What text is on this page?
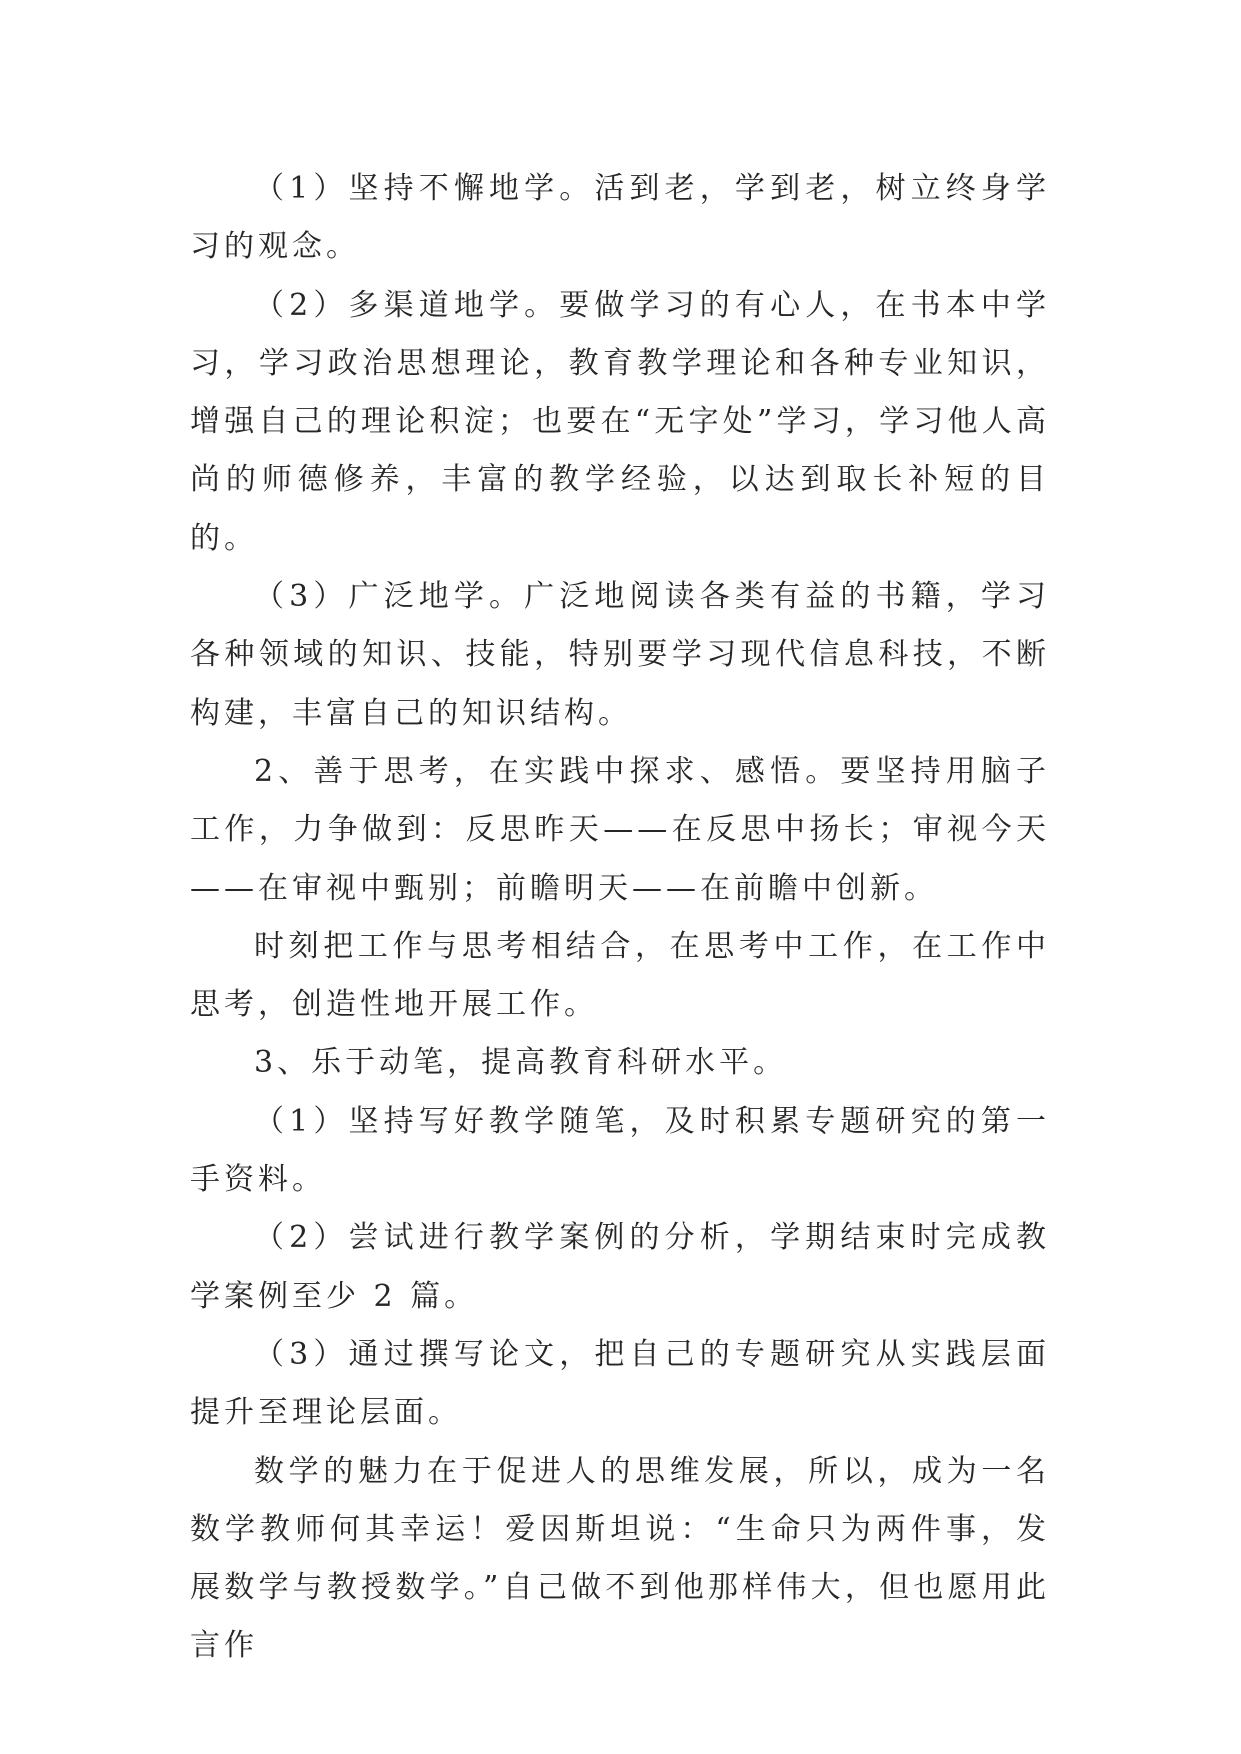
（1）坚持不懈地学。活到老，学到老，树立终身学习的观念。

（2）多渠道地学。要做学习的有心人，在书本中学习，学习政治思想理论，教育教学理论和各种专业知识，增强自己的理论积淀；也要在“无字处”学习，学习他人高尚的师德修养，丰富的教学经验，以达到取长补短的目的。

（3）广泛地学。广泛地阅读各类有益的书籍，学习各种领域的知识、技能，特别要学习现代信息科技，不断构建，丰富自己的知识结构。

2、善于思考，在实践中探求、感悟。要坚持用脑子工作，力争做到：反思昨天——在反思中扬长；审视今天——在审视中甄别；前瞻明天——在前瞻中创新。

时刻把工作与思考相结合，在思考中工作，在工作中思考，创造性地开展工作。

3、乐于动笔，提高教育科研水平。

（1）坚持写好教学随笔，及时积累专题研究的第一手资料。

（2）尝试进行教学案例的分析，学期结束时完成教学案例至少 2 篇。

（3）通过撰写论文，把自己的专题研究从实践层面提升至理论层面。

数学的魅力在于促进人的思维发展，所以，成为一名数学教师何其幸运！爱因斯坦说：“生命只为两件事，发展数学与教授数学。”自己做不到他那样伟大，但也愿用此言作
